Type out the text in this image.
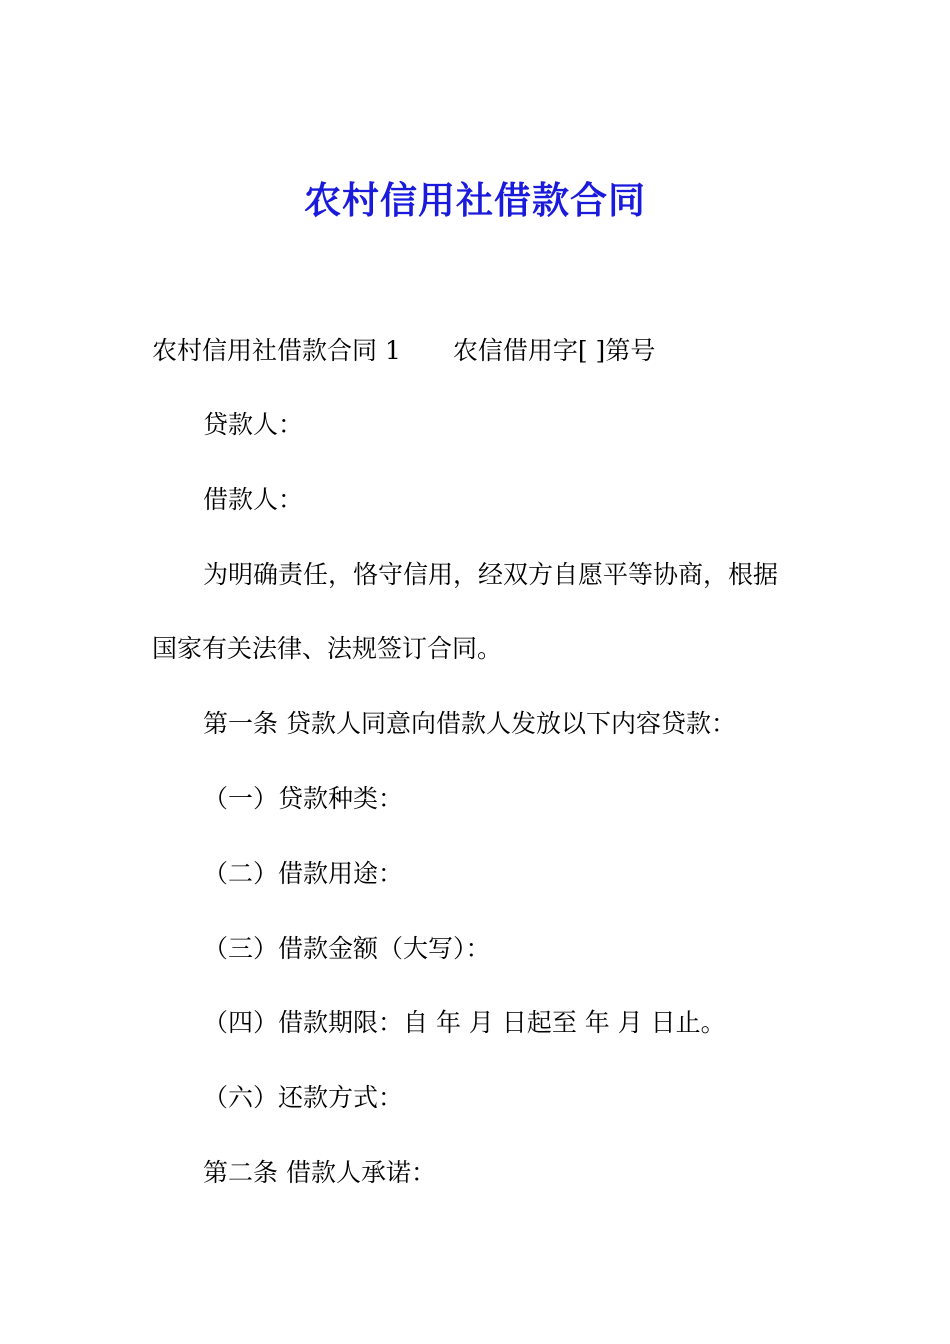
农村信用社借款合同
农村信用社借款合同 1 农信借用字[ ]第号
贷款人：
借款人：
为明确责任，恪守信用，经双方自愿平等协商，根据
国家有关法律、法规签订合同。
第一条 贷款人同意向借款人发放以下内容贷款：
（一）贷款种类：
（二）借款用途：
（三）借款金额（大写）：
（四）借款期限：自 年 月 日起至 年 月 日止。
（六）还款方式：
第二条 借款人承诺：
